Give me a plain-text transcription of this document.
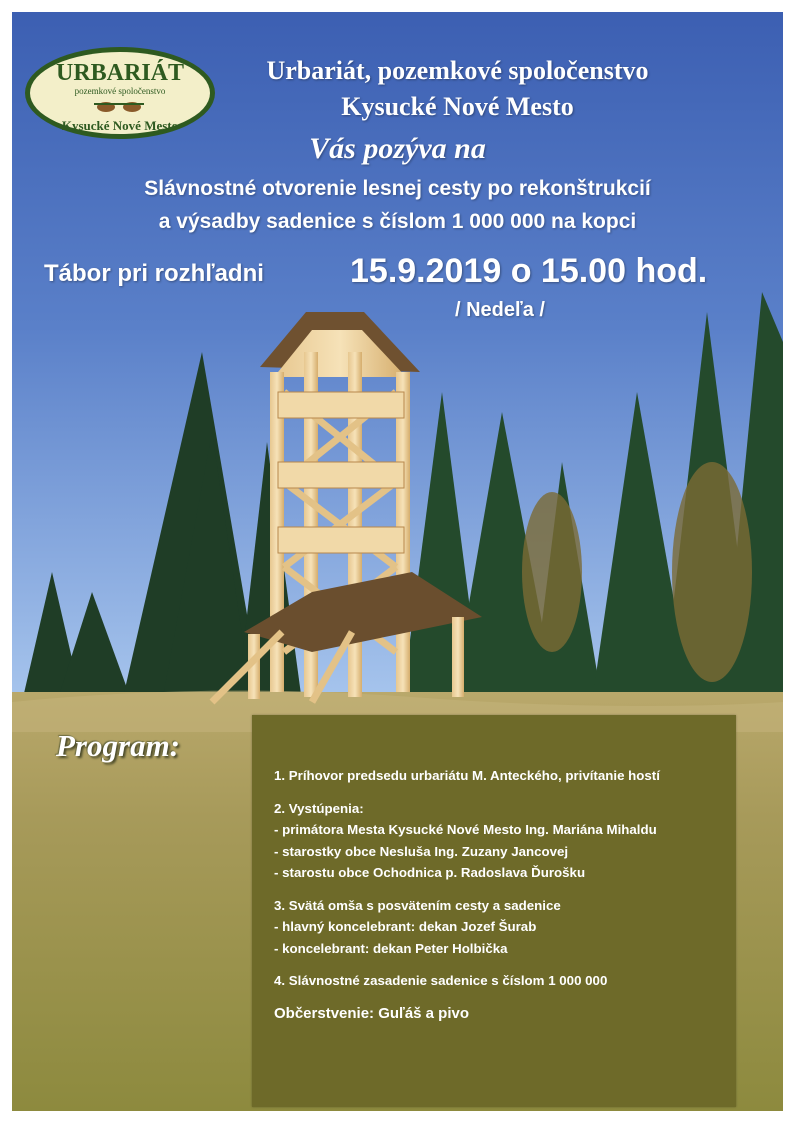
URBARIÁT
pozemkové spoločenstvo
Kysucké Nové Mesto
Urbariát, pozemkové spoločenstvo
Kysucké Nové Mesto
Vás pozýva na
Slávnostné otvorenie lesnej cesty po rekonštrukcií
a výsadby sadenice s číslom 1 000 000 na kopci
Tábor pri rozhľadni	15.9.2019 o 15.00 hod.
/ Nedeľa /
Program:
1. Príhovor predsedu urbariátu M. Anteckého, privítanie hostí
2. Vystúpenia:
- primátora Mesta Kysucké Nové Mesto Ing. Mariána Mihaldu
- starostky obce Nesluša Ing. Zuzany Jancovej
- starostu obce Ochodnica p. Radoslava Ďurošku
3. Svätá omša s posvätením cesty a sadenice
- hlavný koncelebrant: dekan Jozef Šurab
- koncelebrant: dekan Peter Holbička
4. Slávnostné zasadenie sadenice s číslom 1 000 000
Občerstvenie: Guľáš a pivo
